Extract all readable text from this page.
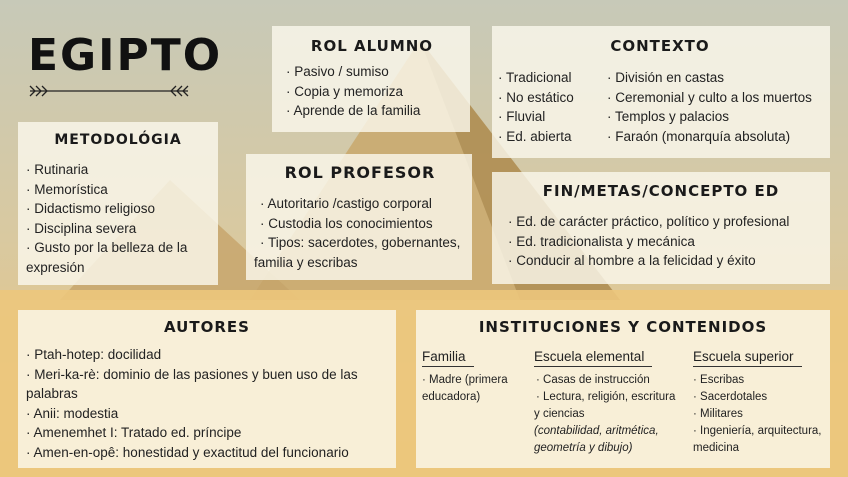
EGIPTO	ROL ALUMNO
· Pasivo / sumiso
· Copia y memoriza
· Aprende de la familia
CONTEXTO
· Tradicional
· No estático
· Fluvial
· Ed. abierta
· División en castas
· Ceremonial y culto a los muertos
· Templos y palacios
· Faraón (monarquía absoluta)
METODOLÓGIA
· Rutinaria
· Memorística
· Didactismo religioso
· Disciplina severa
· Gusto por la belleza de la expresión
ROL PROFESOR
· Autoritario /castigo corporal
· Custodia los conocimientos
· Tipos: sacerdotes, gobernantes, familia y escribas
FIN/METAS/CONCEPTO ED
· Ed. de carácter práctico, político y profesional
· Ed. tradicionalista y mecánica
· Conducir al hombre a la felicidad y éxito
AUTORES
· Ptah-hotep: docilidad
· Meri-ka-rè: dominio de las pasiones y buen uso de las palabras
· Anii: modestia
· Amenemhet I: Tratado ed. príncipe
· Amen-en-opê: honestidad y exactitud del funcionario
INSTITUCIONES Y CONTENIDOS
Familia
· Madre (primera educadora)
Escuela elemental
· Casas de instrucción
· Lectura, religión, escritura y ciencias
(contabilidad, aritmética, geometría y dibujo)
Escuela superior
· Escribas
· Sacerdotales
· Militares
· Ingeniería, arquitectura, medicina
